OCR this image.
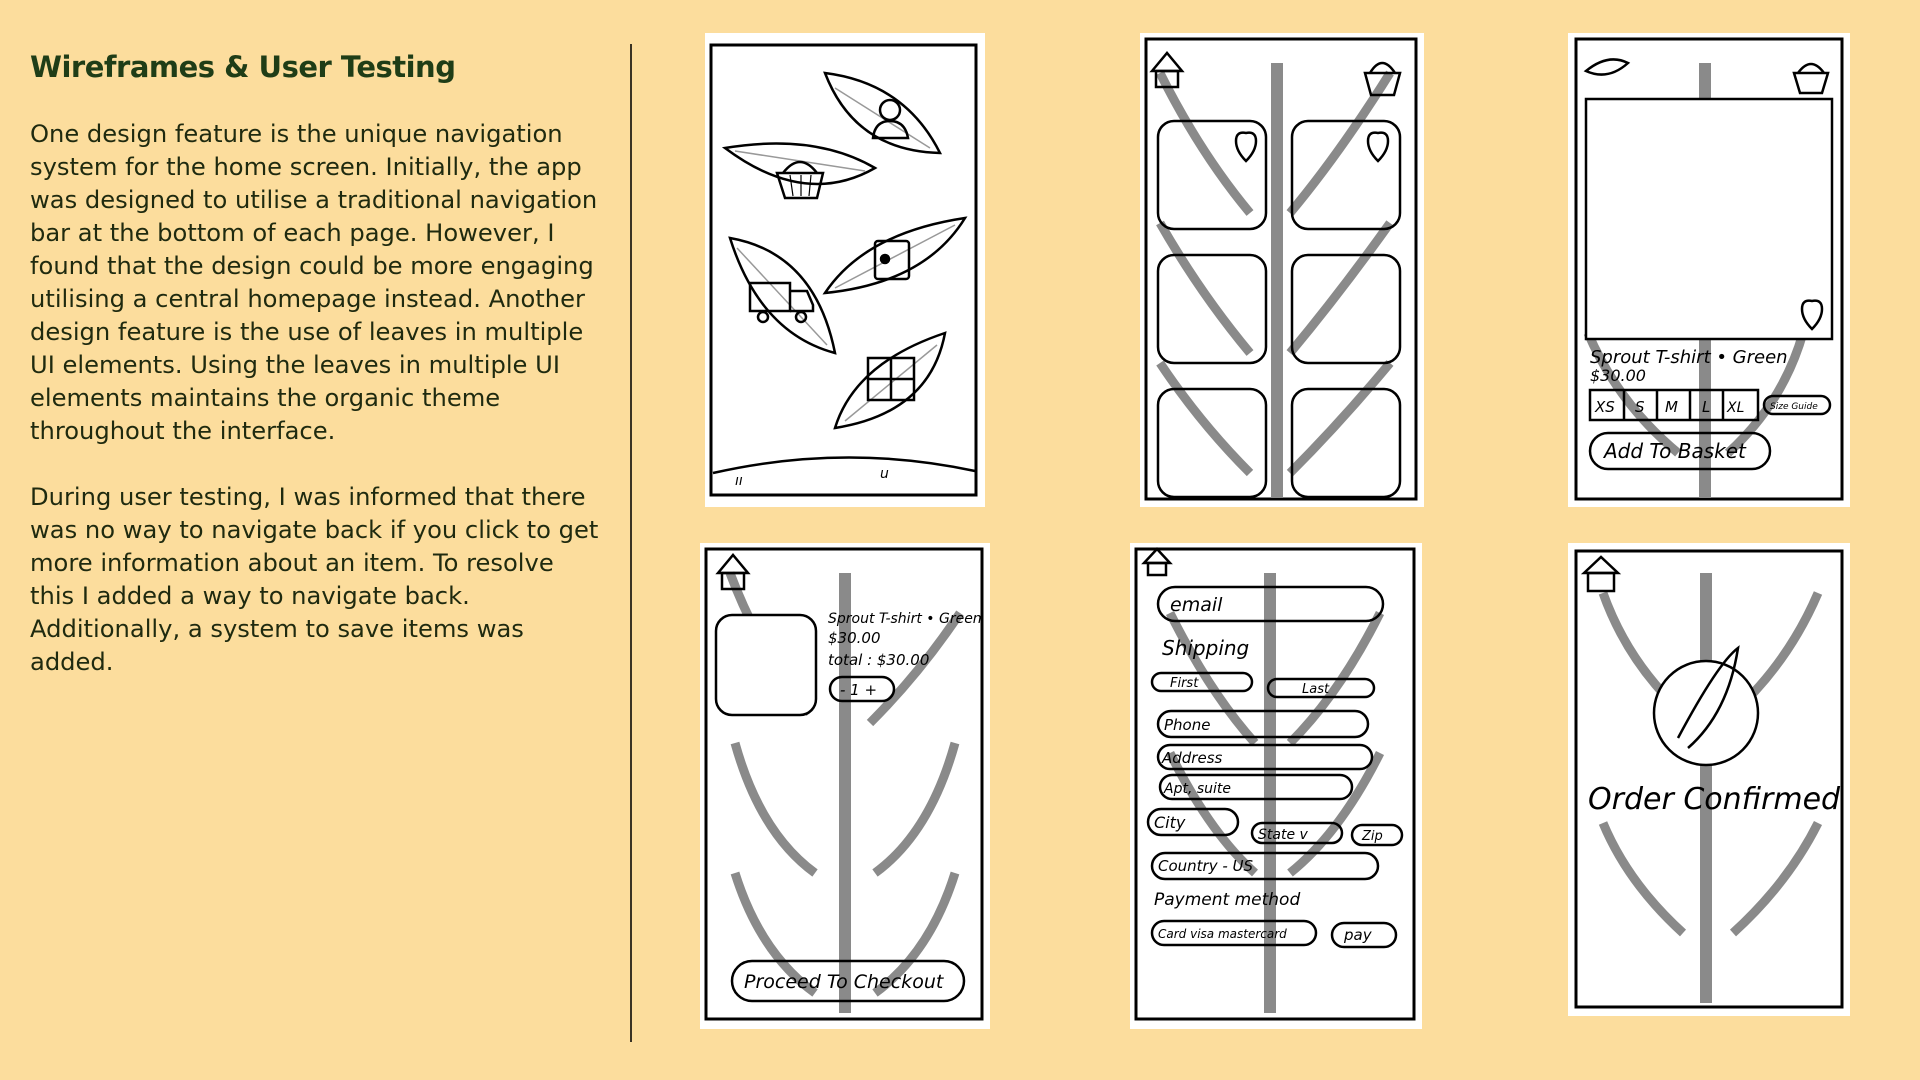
Wireframes & User Testing

One design feature is the unique navigation system for the home screen. Initially, the app was designed to utilise a traditional navigation bar at the bottom of each page. However, I found that the design could be more engaging utilising a central homepage instead. Another design feature is the use of leaves in multiple UI elements. Using the leaves in multiple UI elements maintains the organic theme throughout the interface.

During user testing, I was informed that there was no way to navigate back if you click to get more information about an item. To resolve this I added a way to navigate back. Additionally, a system to save items was added.

ıı	u
Sprout T-shirt • Green
$30.00
XS S M L XL	Size Guide
Add To Basket
Sprout T-shirt • Green
$30.00
total : $30.00
- 1 +
Proceed To Checkout
email
Shipping
First	Last
Phone
Address
Apt, suite
City
State v	Zip
Country - US
Payment method
Card visa mastercard	pay
Order Confirmed
